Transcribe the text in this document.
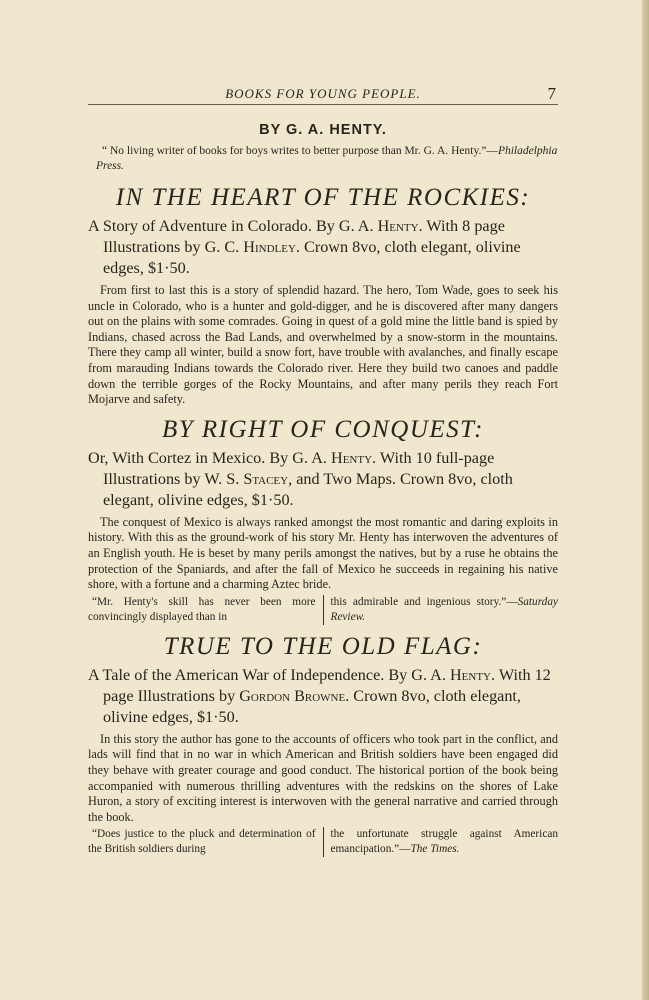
BOOKS FOR YOUNG PEOPLE.	7
BY G. A. HENTY.

“ No living writer of books for boys writes to better purpose than Mr. G. A. Henty.”—Philadelphia Press.

IN THE HEART OF THE ROCKIES:

A Story of Adventure in Colorado. By G. A. Henty. With 8 page Illustrations by G. C. Hindley. Crown 8vo, cloth elegant, olivine edges, $1·50.

From first to last this is a story of splendid hazard. The hero, Tom Wade, goes to seek his uncle in Colorado, who is a hunter and gold-digger, and he is discovered after many dangers out on the plains with some comrades. Going in quest of a gold mine the little band is spied by Indians, chased across the Bad Lands, and overwhelmed by a snow-storm in the mountains. There they camp all winter, build a snow fort, have trouble with avalanches, and finally escape from marauding Indians towards the Colorado river. Here they build two canoes and paddle down the terrible gorges of the Rocky Mountains, and after many perils they reach Fort Mojarve and safety.

BY RIGHT OF CONQUEST:

Or, With Cortez in Mexico. By G. A. Henty. With 10 full-page Illustrations by W. S. Stacey, and Two Maps. Crown 8vo, cloth elegant, olivine edges, $1·50.

The conquest of Mexico is always ranked amongst the most romantic and daring exploits in history. With this as the ground-work of his story Mr. Henty has interwoven the adventures of an English youth. He is beset by many perils amongst the natives, but by a ruse he obtains the protection of the Spaniards, and after the fall of Mexico he succeeds in regaining his native shore, with a fortune and a charming Aztec bride.

“Mr. Henty's skill has never been more convincingly displayed than in
this admirable and ingenious story.”—Saturday Review.
TRUE TO THE OLD FLAG:

A Tale of the American War of Independence. By G. A. Henty. With 12 page Illustrations by Gordon Browne. Crown 8vo, cloth elegant, olivine edges, $1·50.

In this story the author has gone to the accounts of officers who took part in the conflict, and lads will find that in no war in which American and British soldiers have been engaged did they behave with greater courage and good conduct. The historical portion of the book being accompanied with numerous thrilling adventures with the redskins on the shores of Lake Huron, a story of exciting interest is interwoven with the general narrative and carried through the book.

“Does justice to the pluck and determination of the British soldiers during
the unfortunate struggle against American emancipation.”—The Times.
